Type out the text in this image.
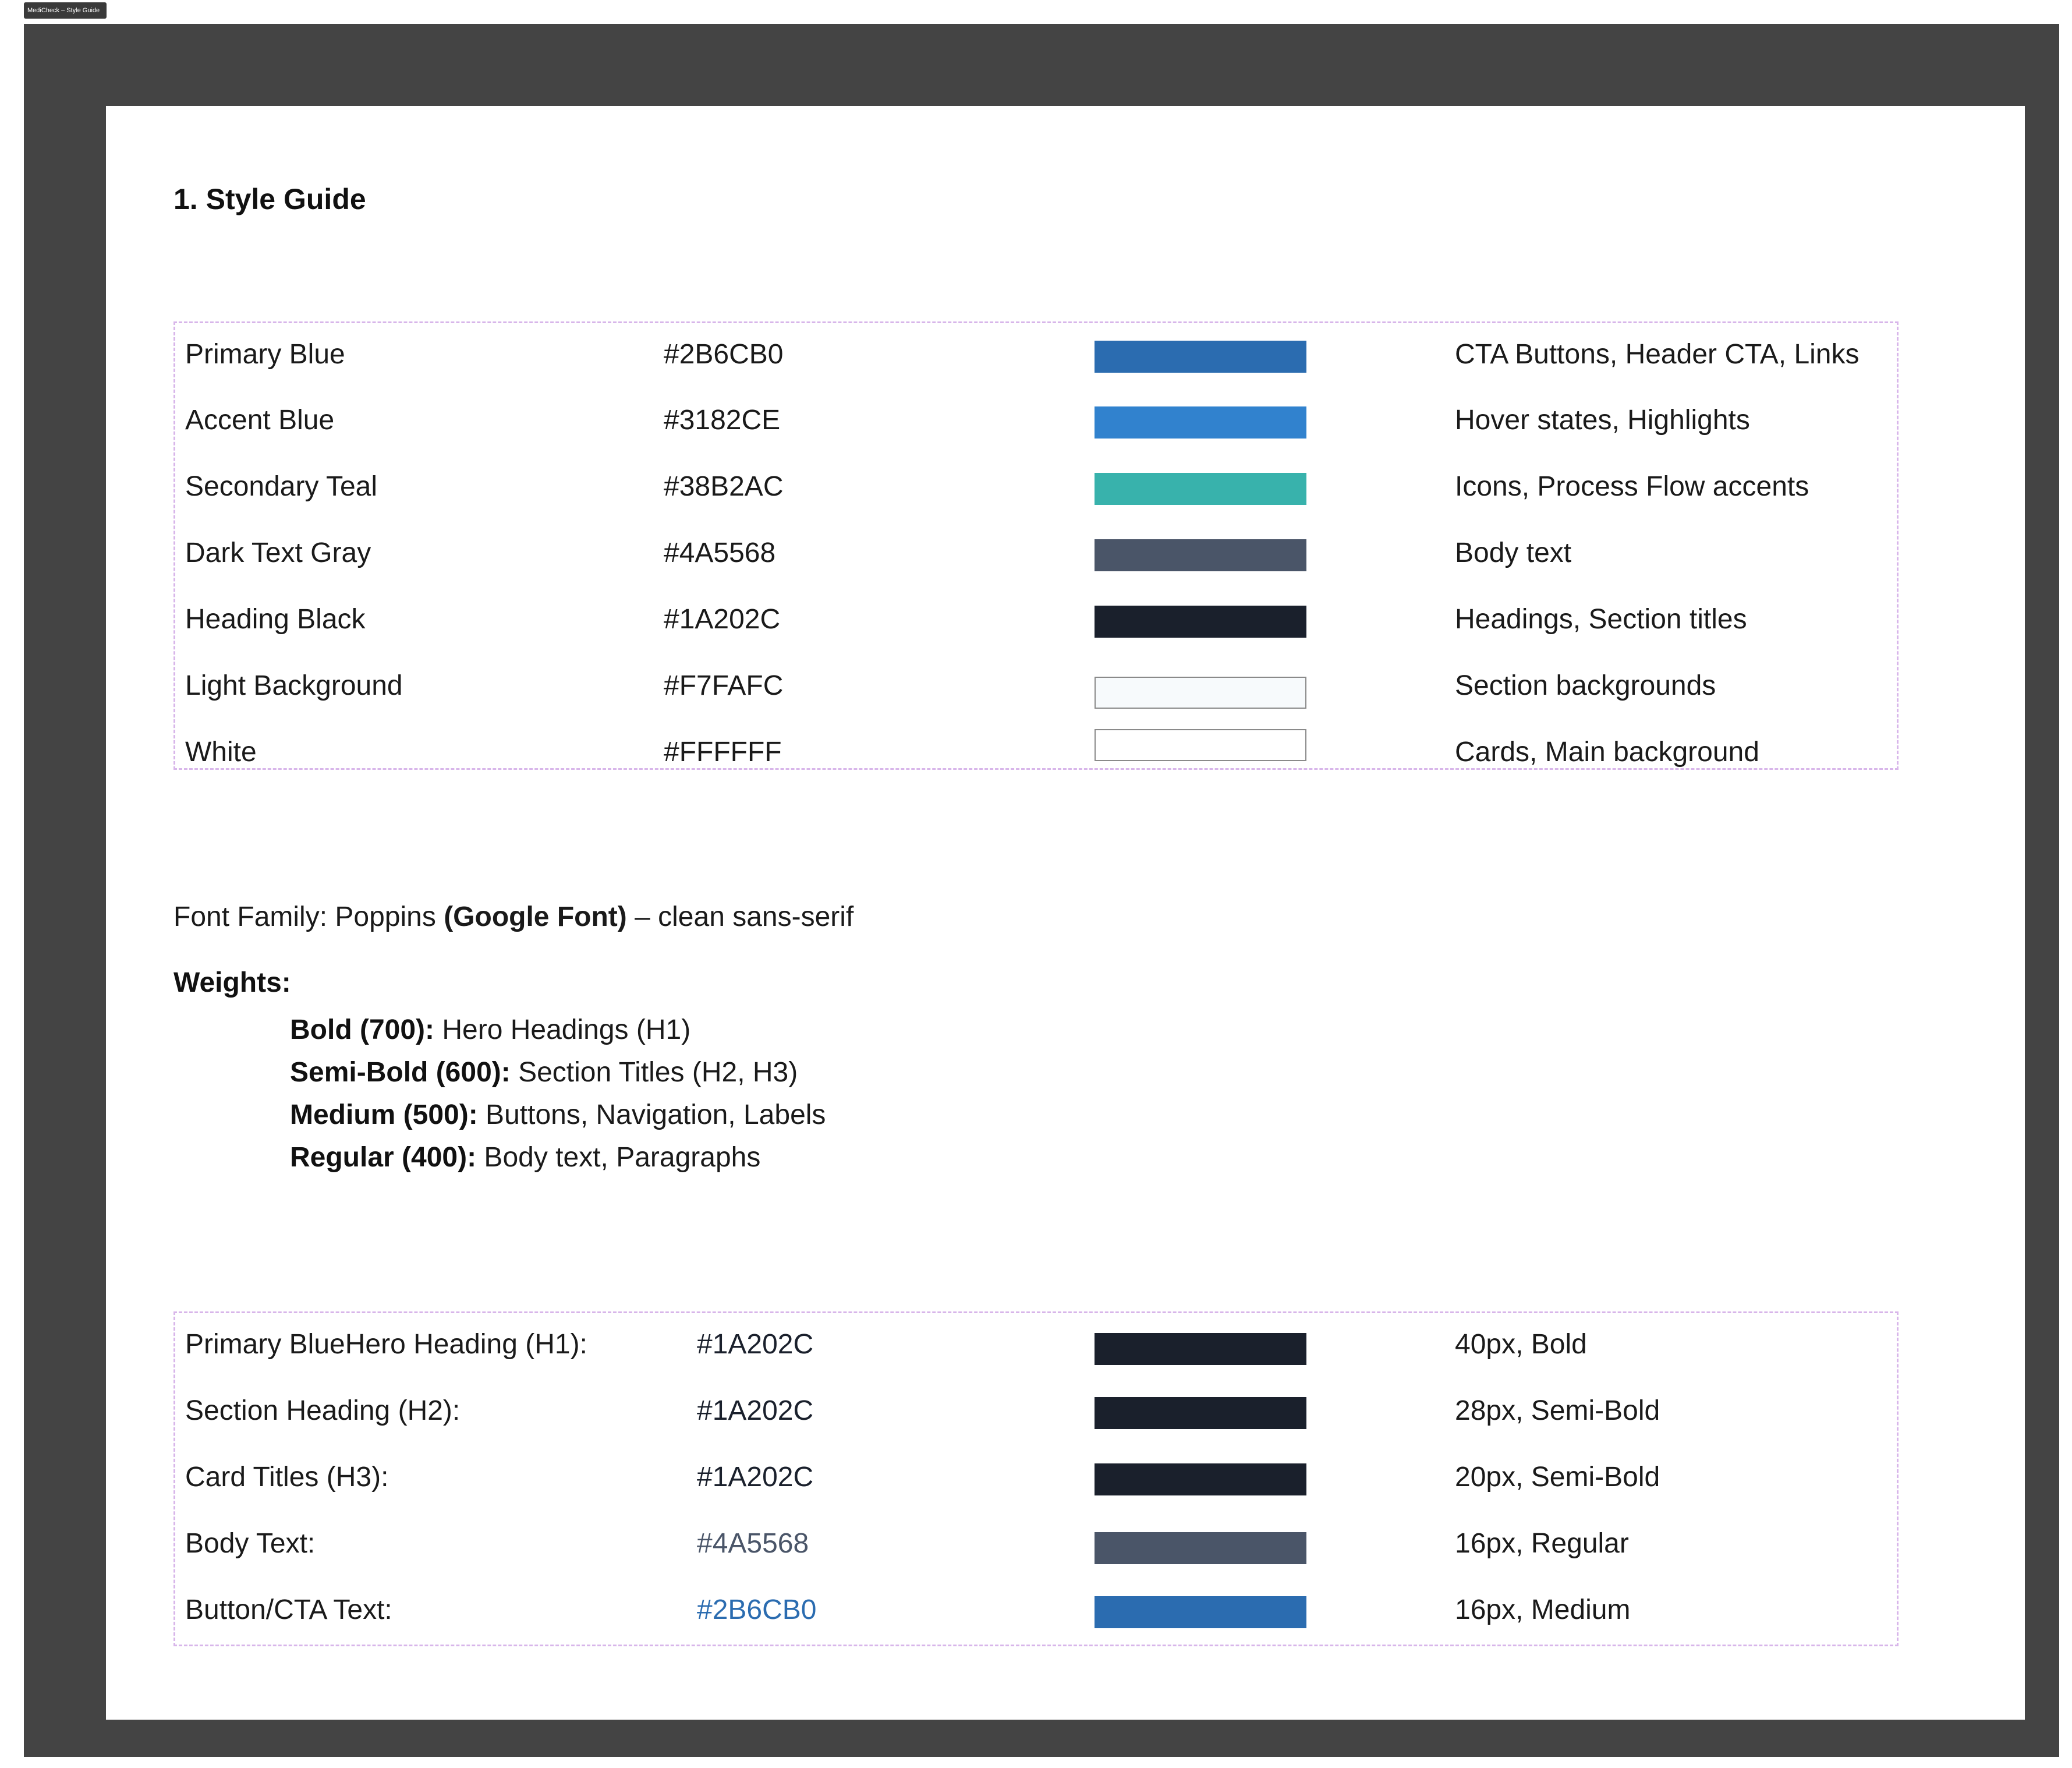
MediCheck – Style Guide
1. Style Guide
Primary Blue	#2B6CB0	CTA Buttons, Header CTA, Links
Accent Blue	#3182CE	Hover states, Highlights
Secondary Teal	#38B2AC	Icons, Process Flow accents
Dark Text Gray	#4A5568	Body text
Heading Black	#1A202C	Headings, Section titles
Light Background	#F7FAFC	Section backgrounds
White	#FFFFFF	Cards, Main background
Font Family: Poppins (Google Font) – clean sans-serif
Weights:
Bold (700): Hero Headings (H1)
Semi-Bold (600): Section Titles (H2, H3)
Medium (500): Buttons, Navigation, Labels
Regular (400): Body text, Paragraphs
Primary BlueHero Heading (H1):	#1A202C	40px, Bold
Section Heading (H2):	#1A202C	28px, Semi-Bold
Card Titles (H3):	#1A202C	20px, Semi-Bold
Body Text:	#4A5568	16px, Regular
Button/CTA Text:	#2B6CB0	16px, Medium
